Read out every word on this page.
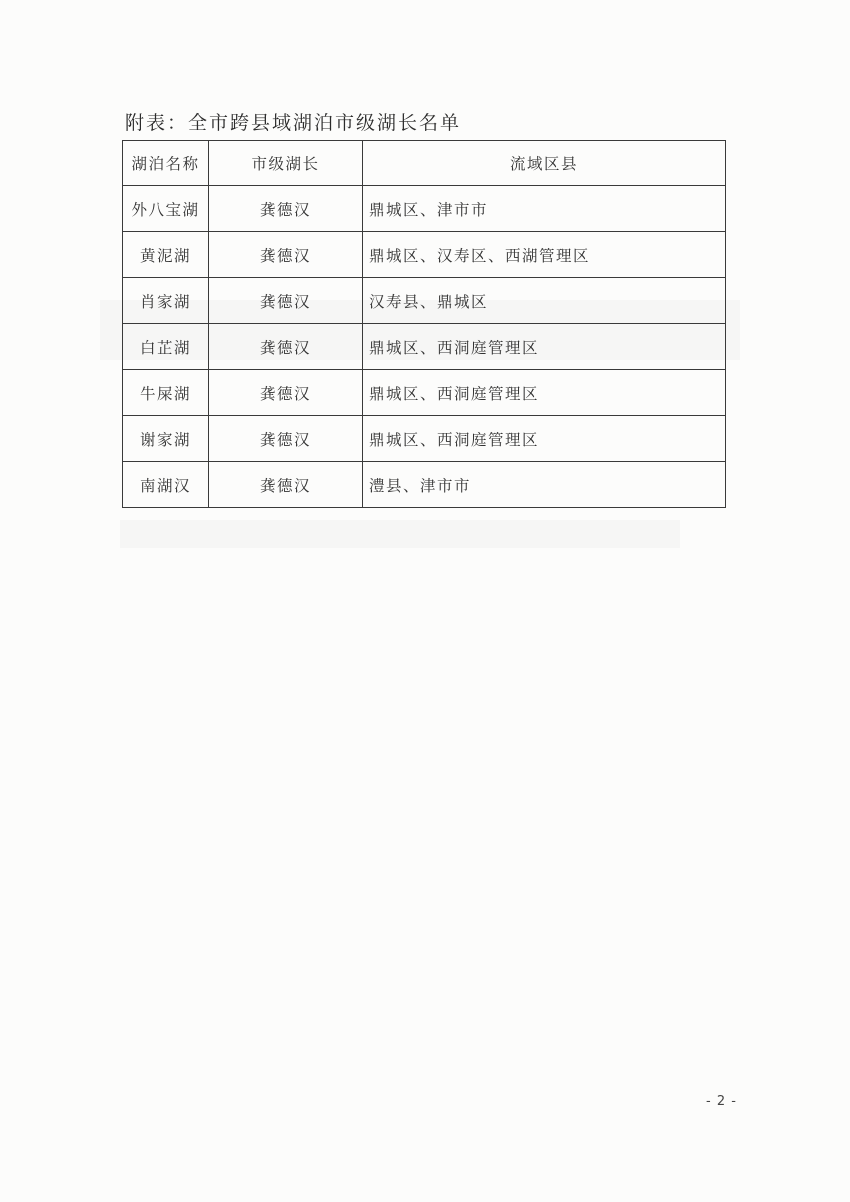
附表：全市跨县域湖泊市级湖长名单
湖泊名称	市级湖长	流域区县
外八宝湖	龚德汉	鼎城区、津市市
黄泥湖	龚德汉	鼎城区、汉寿区、西湖管理区
肖家湖	龚德汉	汉寿县、鼎城区
白芷湖	龚德汉	鼎城区、西洞庭管理区
牛屎湖	龚德汉	鼎城区、西洞庭管理区
谢家湖	龚德汉	鼎城区、西洞庭管理区
南湖汉	龚德汉	澧县、津市市
- 2 -
